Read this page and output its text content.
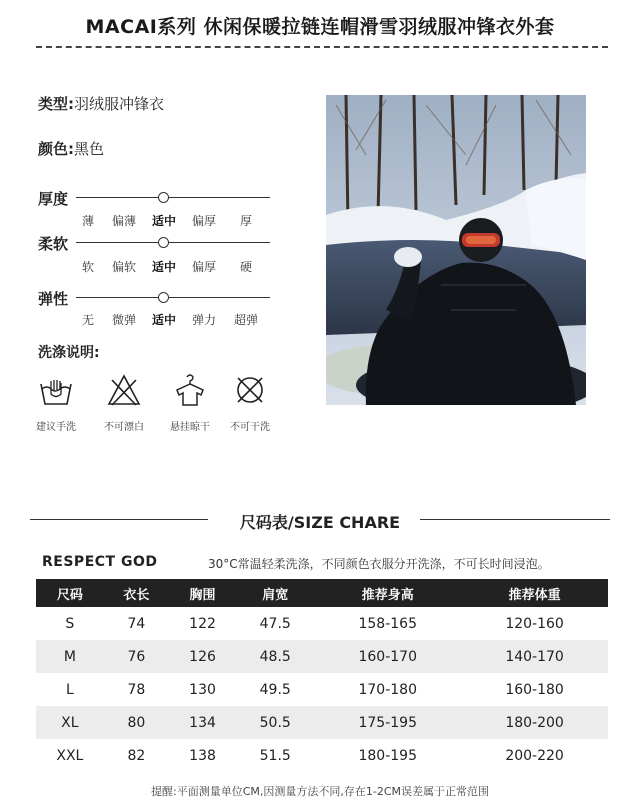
MACAI系列 休闲保暖拉链连帽滑雪羽绒服冲锋衣外套
类型:羽绒服冲锋衣
颜色:黑色
厚度
薄	偏薄	适中	偏厚	厚
柔软
软	偏软	适中	偏厚	硬
弹性
无	微弹	适中	弹力	超弹
洗涤说明:
建议手洗	不可漂白	悬挂晾干	不可干洗
尺码表/SIZE CHARE
RESPECT GOD	30°C常温轻柔洗涤，不同颜色衣服分开洗涤，不可长时间浸泡。
尺码	衣长	胸围	肩宽	推荐身高	推荐体重
S	74	122	47.5	158-165	120-160
M	76	126	48.5	160-170	140-170
L	78	130	49.5	170-180	160-180
XL	80	134	50.5	175-195	180-200
XXL	82	138	51.5	180-195	200-220
提醒:平面测量单位CM,因测量方法不同,存在1-2CM误差属于正常范围
